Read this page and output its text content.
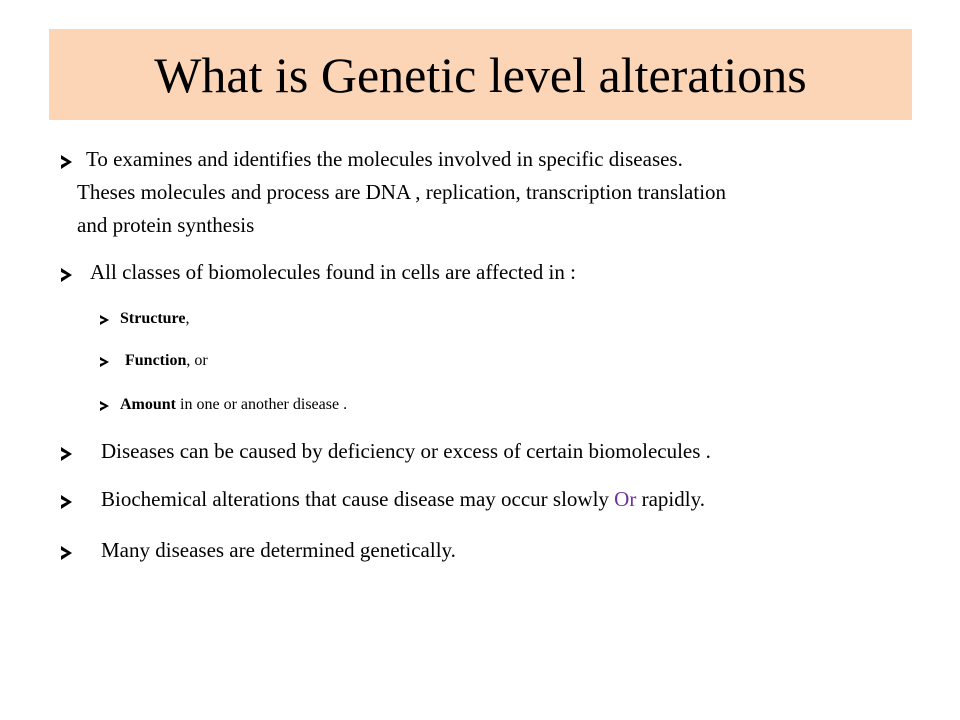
What is Genetic level alterations
To examines and identifies the molecules involved in specific diseases.
Theses molecules and process are DNA , replication, transcription translation
and protein synthesis
All classes of biomolecules found in cells are affected in :
Structure,
Function, or
Amount in one or another disease .
Diseases can be caused by deficiency or excess of certain biomolecules .
Biochemical alterations that cause disease may occur slowly Or rapidly.
Many diseases are determined genetically.
